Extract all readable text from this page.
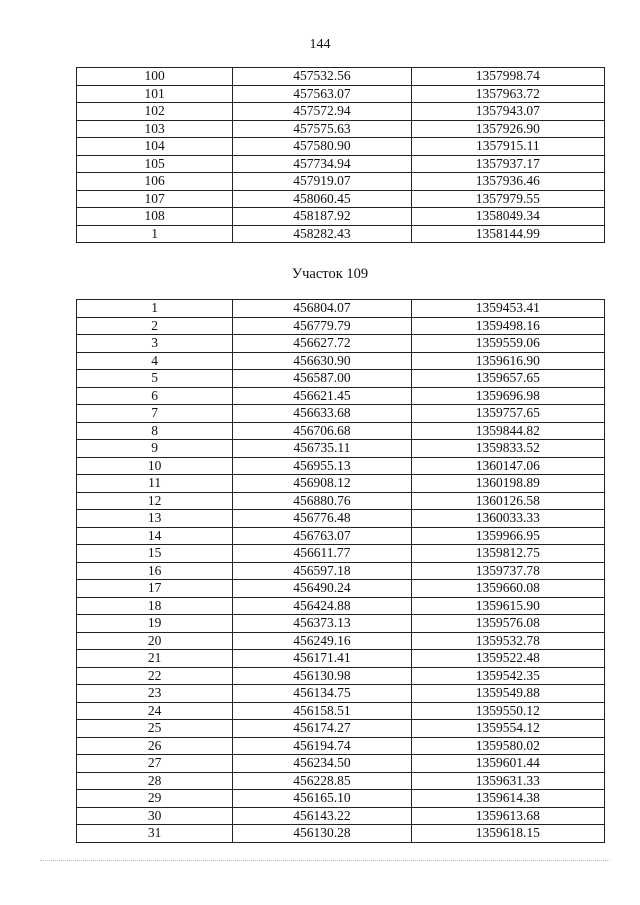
144
100	457532.56	1357998.74
101	457563.07	1357963.72
102	457572.94	1357943.07
103	457575.63	1357926.90
104	457580.90	1357915.11
105	457734.94	1357937.17
106	457919.07	1357936.46
107	458060.45	1357979.55
108	458187.92	1358049.34
1	458282.43	1358144.99
Участок 109
1	456804.07	1359453.41
2	456779.79	1359498.16
3	456627.72	1359559.06
4	456630.90	1359616.90
5	456587.00	1359657.65
6	456621.45	1359696.98
7	456633.68	1359757.65
8	456706.68	1359844.82
9	456735.11	1359833.52
10	456955.13	1360147.06
11	456908.12	1360198.89
12	456880.76	1360126.58
13	456776.48	1360033.33
14	456763.07	1359966.95
15	456611.77	1359812.75
16	456597.18	1359737.78
17	456490.24	1359660.08
18	456424.88	1359615.90
19	456373.13	1359576.08
20	456249.16	1359532.78
21	456171.41	1359522.48
22	456130.98	1359542.35
23	456134.75	1359549.88
24	456158.51	1359550.12
25	456174.27	1359554.12
26	456194.74	1359580.02
27	456234.50	1359601.44
28	456228.85	1359631.33
29	456165.10	1359614.38
30	456143.22	1359613.68
31	456130.28	1359618.15
